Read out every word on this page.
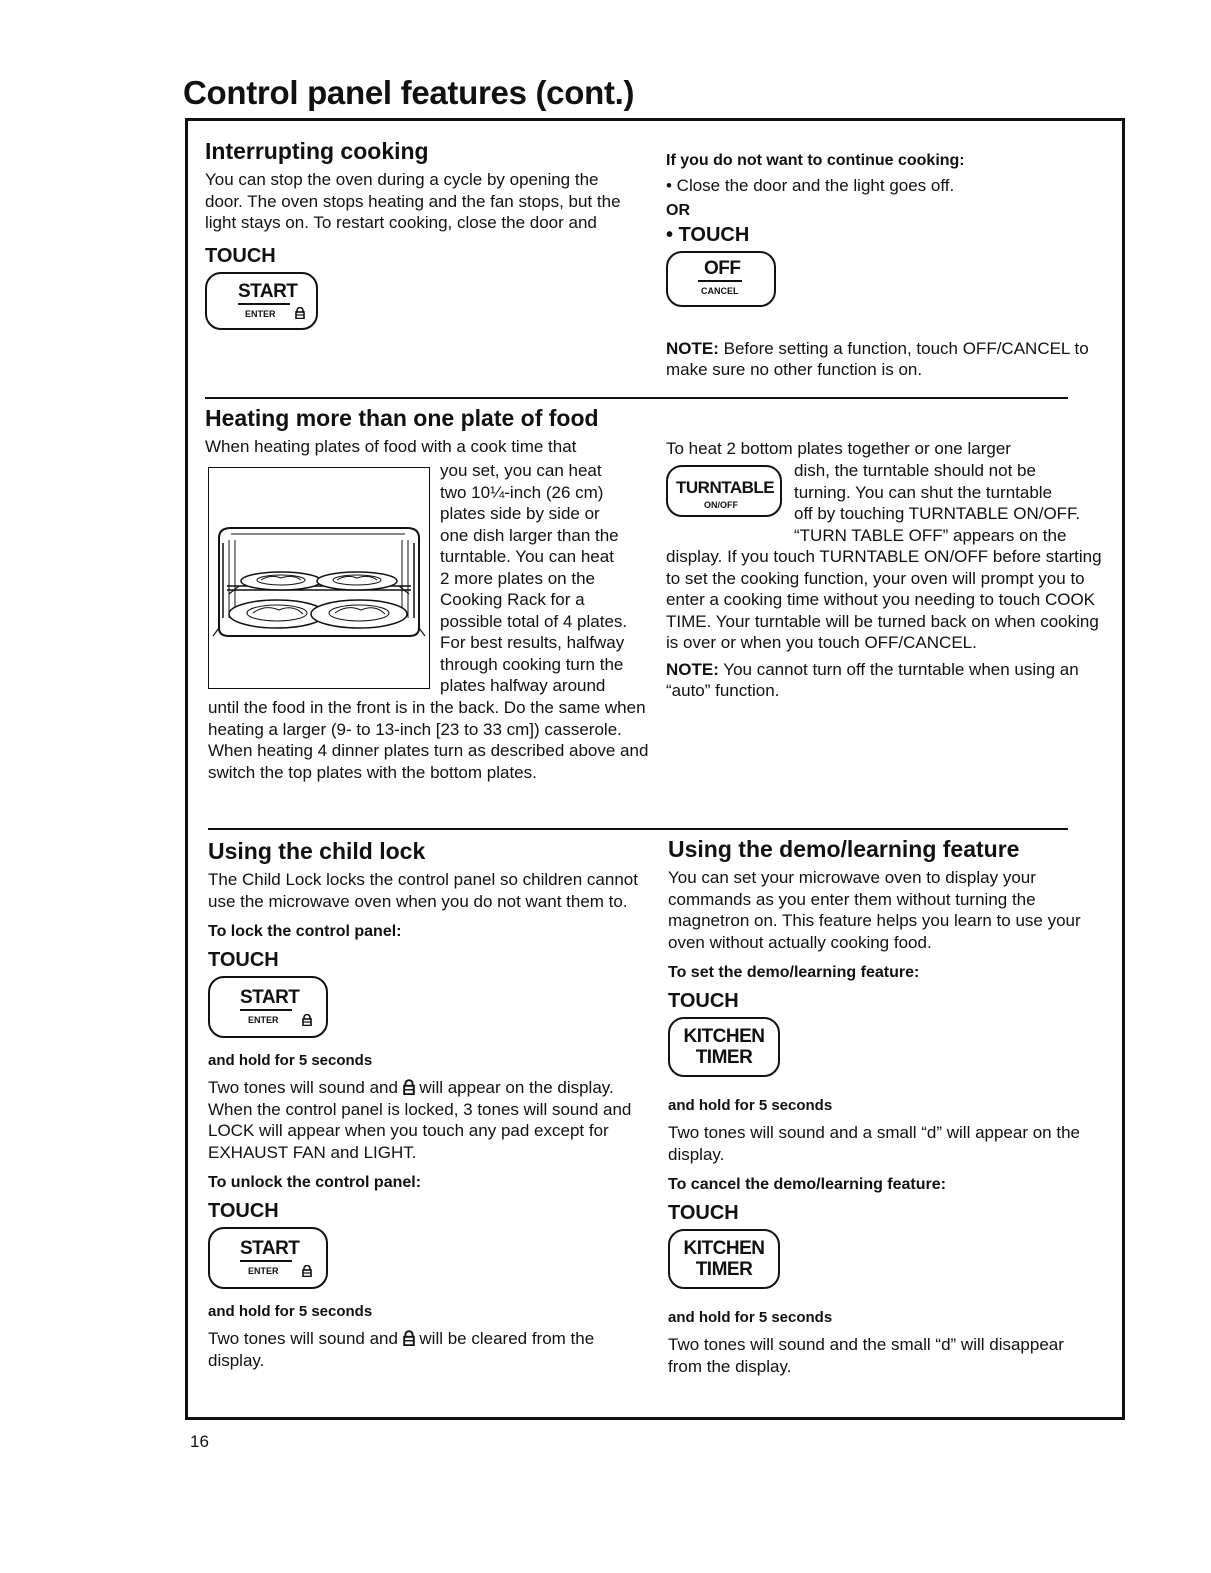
Control panel features (cont.)
Interrupting cooking

You can stop the oven during a cycle by opening the door. The oven stops heating and the fan stops, but the light stays on. To restart cooking, close the door and

TOUCH
START
ENTER
If you do not want to continue cooking:

• Close the door and the light goes off.

OR
• TOUCH
OFF
CANCEL

NOTE: Before setting a function, touch OFF/CANCEL to make sure no other function is on.

Heating more than one plate of food

When heating plates of food with a cook time that

you set, you can heat
two 10¼-inch (26 cm)
plates side by side or
one dish larger than the
turntable. You can heat
2 more plates on the
Cooking Rack for a
possible total of 4 plates.
For best results, halfway
through cooking turn the
plates halfway around

until the food in the front is in the back. Do the same when heating a larger (9- to 13-inch [23 to 33 cm]) casserole. When heating 4 dinner plates turn as described above and switch the top plates with the bottom plates.

To heat 2 bottom plates together or one larger

TURNTABLE
ON/OFF
dish, the turntable should not be
turning. You can shut the turntable
off by touching TURNTABLE ON/OFF.
“TURN TABLE OFF” appears on the

display. If you touch TURNTABLE ON/OFF before starting to set the cooking function, your oven will prompt you to enter a cooking time without you needing to touch COOK TIME. Your turntable will be turned back on when cooking is over or when you touch OFF/CANCEL.

NOTE: You cannot turn off the turntable when using an “auto” function.

Using the child lock

The Child Lock locks the control panel so children cannot use the microwave oven when you do not want them to.

To lock the control panel:
TOUCH
START
ENTER
and hold for 5 seconds

Two tones will sound and  will appear on the display. When the control panel is locked, 3 tones will sound and LOCK will appear when you touch any pad except for EXHAUST FAN and LIGHT.

To unlock the control panel:
TOUCH
START
ENTER
and hold for 5 seconds

Two tones will sound and  will be cleared from the display.

Using the demo/learning feature

You can set your microwave oven to display your commands as you enter them without turning the magnetron on. This feature helps you learn to use your oven without actually cooking food.

To set the demo/learning feature:
TOUCH
KITCHEN
TIMER
and hold for 5 seconds

Two tones will sound and a small “d” will appear on the display.

To cancel the demo/learning feature:
TOUCH
KITCHEN
TIMER
and hold for 5 seconds

Two tones will sound and the small “d” will disappear from the display.

16
